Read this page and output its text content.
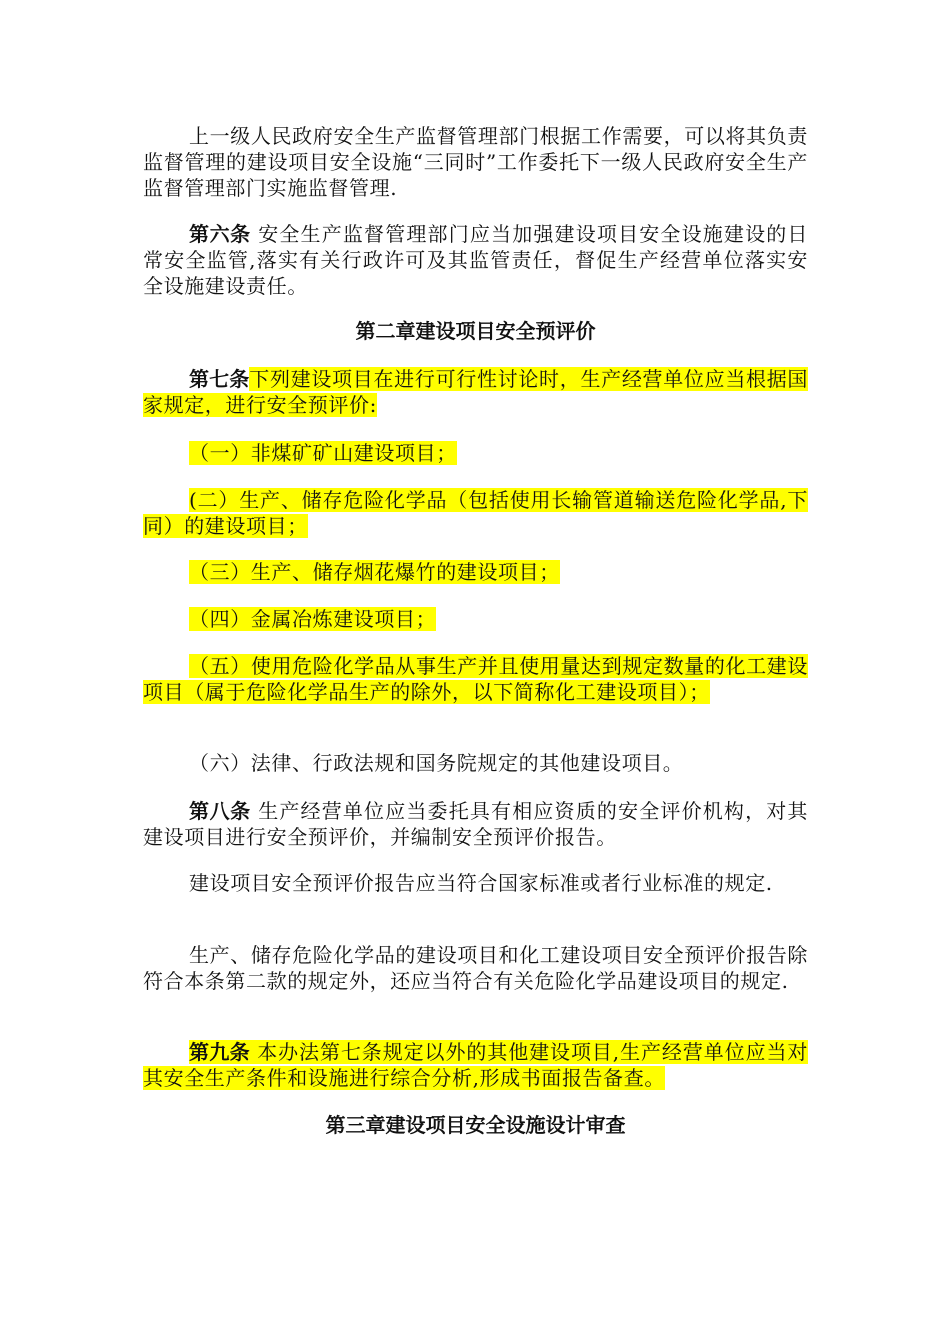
上一级人民政府安全生产监督管理部门根据工作需要，可以将其负责监督管理的建设项目安全设施“三同时”工作委托下一级人民政府安全生产监督管理部门实施监督管理.

第六条 安全生产监督管理部门应当加强建设项目安全设施建设的日常安全监管,落实有关行政许可及其监管责任，督促生产经营单位落实安全设施建设责任。

第二章建设项目安全预评价

第七条下列建设项目在进行可行性讨论时，生产经营单位应当根据国家规定，进行安全预评价:

（一）非煤矿矿山建设项目；

(二）生产、储存危险化学品（包括使用长输管道输送危险化学品,下同）的建设项目；

（三）生产、储存烟花爆竹的建设项目；

（四）金属冶炼建设项目；

（五）使用危险化学品从事生产并且使用量达到规定数量的化工建设项目（属于危险化学品生产的除外，以下简称化工建设项目）；

（六）法律、行政法规和国务院规定的其他建设项目。

第八条 生产经营单位应当委托具有相应资质的安全评价机构，对其建设项目进行安全预评价，并编制安全预评价报告。

建设项目安全预评价报告应当符合国家标准或者行业标准的规定.

生产、储存危险化学品的建设项目和化工建设项目安全预评价报告除符合本条第二款的规定外，还应当符合有关危险化学品建设项目的规定.

第九条 本办法第七条规定以外的其他建设项目,生产经营单位应当对其安全生产条件和设施进行综合分析,形成书面报告备查。

第三章建设项目安全设施设计审查
